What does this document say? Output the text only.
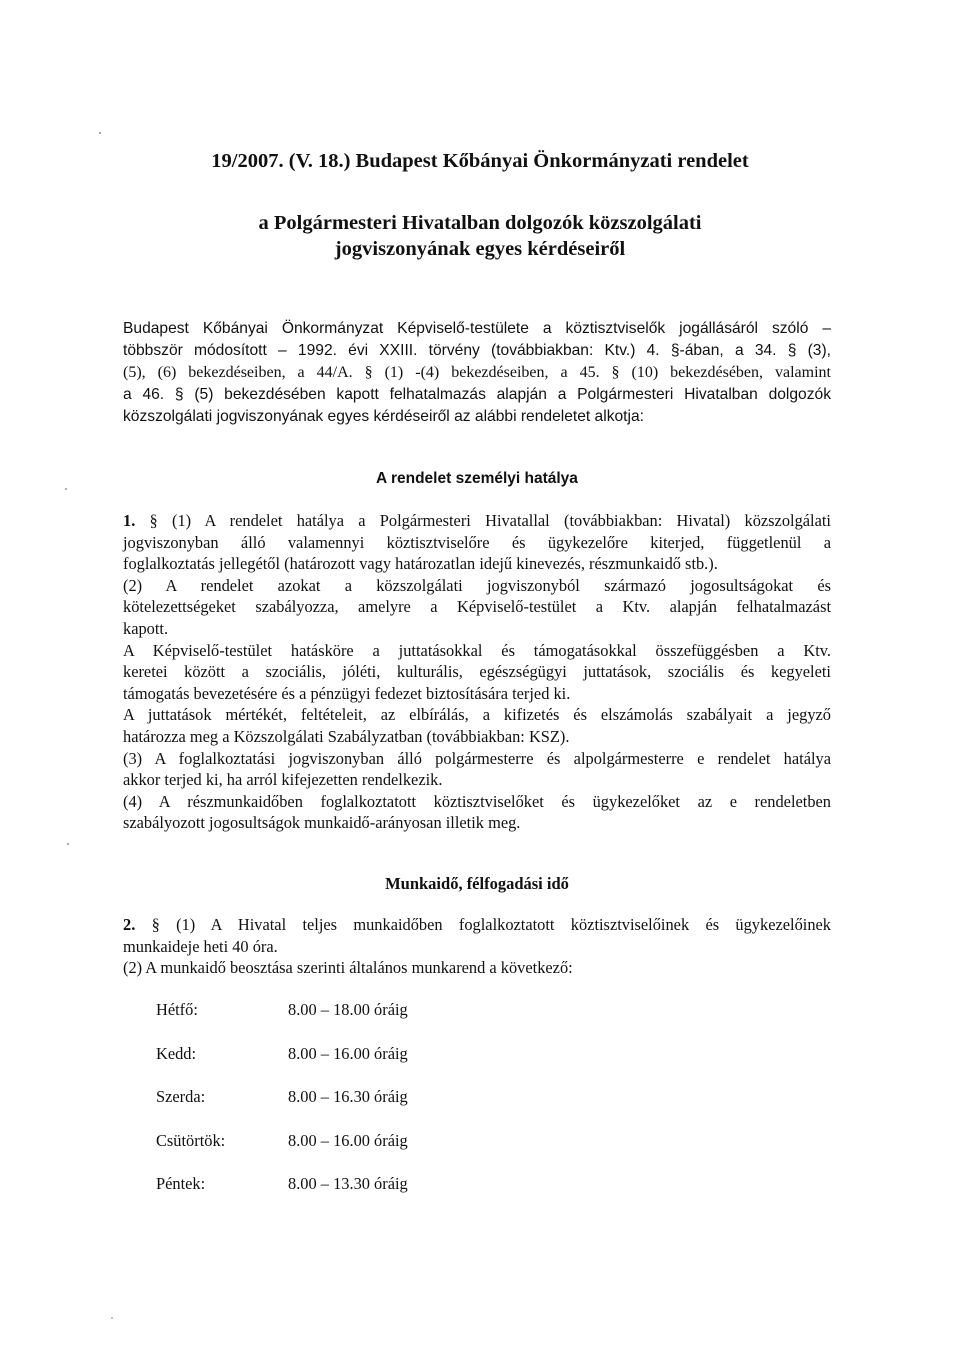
19/2007. (V. 18.) Budapest Kőbányai Önkormányzati rendelet
a Polgármesteri Hivatalban dolgozók közszolgálati
jogviszonyának egyes kérdéseiről

Budapest Kőbányai Önkormányzat Képviselő-testülete a köztisztviselők jogállásáról szóló –
többször módosított – 1992. évi XXIII. törvény (továbbiakban: Ktv.) 4. §-ában, a 34. § (3),
(5), (6) bekezdéseiben, a 44/A. § (1) -(4) bekezdéseiben, a 45. § (10) bekezdésében, valamint
a 46. § (5) bekezdésében kapott felhatalmazás alapján a Polgármesteri Hivatalban dolgozók
közszolgálati jogviszonyának egyes kérdéseiről az alábbi rendeletet alkotja:

A rendelet személyi hatálya
1. § (1) A rendelet hatálya a Polgármesteri Hivatallal (továbbiakban: Hivatal) közszolgálati
jogviszonyban álló valamennyi köztisztviselőre és ügykezelőre kiterjed, függetlenül a
foglalkoztatás jellegétől (határozott vagy határozatlan idejű kinevezés, részmunkaidő stb.).
(2) A rendelet azokat a közszolgálati jogviszonyból származó jogosultságokat és
kötelezettségeket szabályozza, amelyre a Képviselő-testület a Ktv. alapján felhatalmazást
kapott.
A Képviselő-testület hatásköre a juttatásokkal és támogatásokkal összefüggésben a Ktv.
keretei között a szociális, jóléti, kulturális, egészségügyi juttatások, szociális és kegyeleti
támogatás bevezetésére és a pénzügyi fedezet biztosítására terjed ki.
A juttatások mértékét, feltételeit, az elbírálás, a kifizetés és elszámolás szabályait a jegyző
határozza meg a Közszolgálati Szabályzatban (továbbiakban: KSZ).
(3) A foglalkoztatási jogviszonyban álló polgármesterre és alpolgármesterre e rendelet hatálya
akkor terjed ki, ha arról kifejezetten rendelkezik.
(4) A részmunkaidőben foglalkoztatott köztisztviselőket és ügykezelőket az e rendeletben
szabályozott jogosultságok munkaidő-arányosan illetik meg.
Munkaidő, félfogadási idő
2. § (1) A Hivatal teljes munkaidőben foglalkoztatott köztisztviselőinek és ügykezelőinek
munkaideje heti 40 óra.
(2) A munkaidő beosztása szerinti általános munkarend a következő:
Hétfő:	8.00 – 18.00 óráig
Kedd:	8.00 – 16.00 óráig
Szerda:	8.00 – 16.30 óráig
Csütörtök:	8.00 – 16.00 óráig
Péntek:	8.00 – 13.30 óráig
